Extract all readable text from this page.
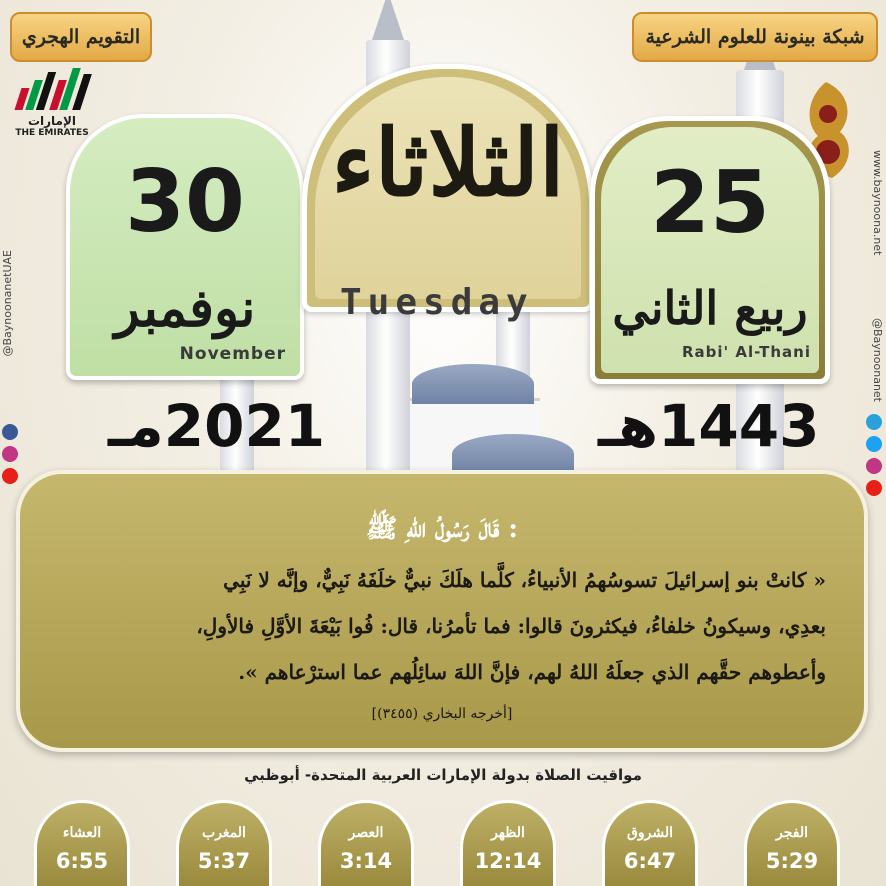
التقويم الهجري	شبكة بينونة للعلوم الشرعية
الإمارات
THE EMIRATES
@BaynoonanetUAE
www.baynoona.net
@Baynoonanet
30
نوفمبر
November
2021مـ
الثلاثاء
Tuesday
25
ربيع الثاني
Rabi' Al-Thani
1443هـ
قَالَ رَسُولُ اللهِ ﷺ :
« كانتْ بنو إسرائيلَ تسوسُهمُ الأنبياءُ، كلَّما هلَكَ نبيٌّ خلَفَهُ نَبِيٌّ، وإنَّه لا نَبِي
بعدِي، وسيكونُ خلفاءُ، فيكثرونَ قالوا: فما تأمرُنا، قال: فُوا بَيْعَةَ الأوَّلِ فالأولِ،
وأعطوهم حقَّهم الذي جعلَهُ اللهُ لهم، فإنَّ اللهَ سائِلُهم عما استرْعاهم ».
[أخرجه البخاري (٣٤٥٥)]
مواقيت الصلاة بدولة الإمارات العربية المتحدة- أبوظبي
العشاء
6:55
المغرب
5:37
العصر
3:14
الظهر
12:14
الشروق
6:47
الفجر
5:29
